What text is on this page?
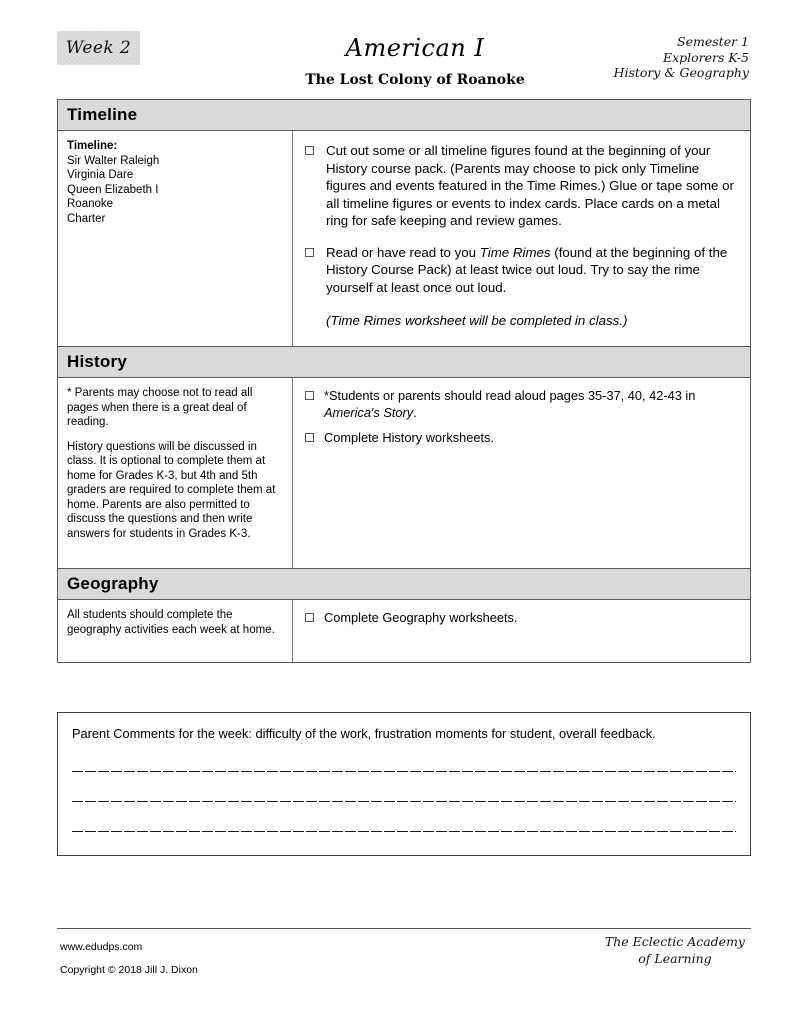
Week 2	American I
The Lost Colony of Roanoke
Semester 1
Explorers K-5
History & Geography
Timeline
Timeline:
Sir Walter Raleigh
Virginia Dare
Queen Elizabeth I
Roanoke
Charter
Cut out some or all timeline figures found at the beginning of your History course pack. (Parents may choose to pick only Timeline figures and events featured in the Time Rimes.) Glue or tape some or all timeline figures or events to index cards. Place cards on a metal ring for safe keeping and review games.
Read or have read to you Time Rimes (found at the beginning of the History Course Pack) at least twice out loud. Try to say the rime yourself at least once out loud.
(Time Rimes worksheet will be completed in class.)
History

* Parents may choose not to read all pages when there is a great deal of reading.

History questions will be discussed in class. It is optional to complete them at home for Grades K-3, but 4th and 5th graders are required to complete them at home. Parents are also permitted to discuss the questions and then write answers for students in Grades K-3.

*Students or parents should read aloud pages 35-37, 40, 42-43 in America's Story.
Complete History worksheets.
Geography

All students should complete the geography activities each week at home.

Complete Geography worksheets.
Parent Comments for the week: difficulty of the work, frustration moments for student, overall feedback.
www.edudps.com
Copyright © 2018 Jill J. Dixon
The Eclectic Academy
of Learning
